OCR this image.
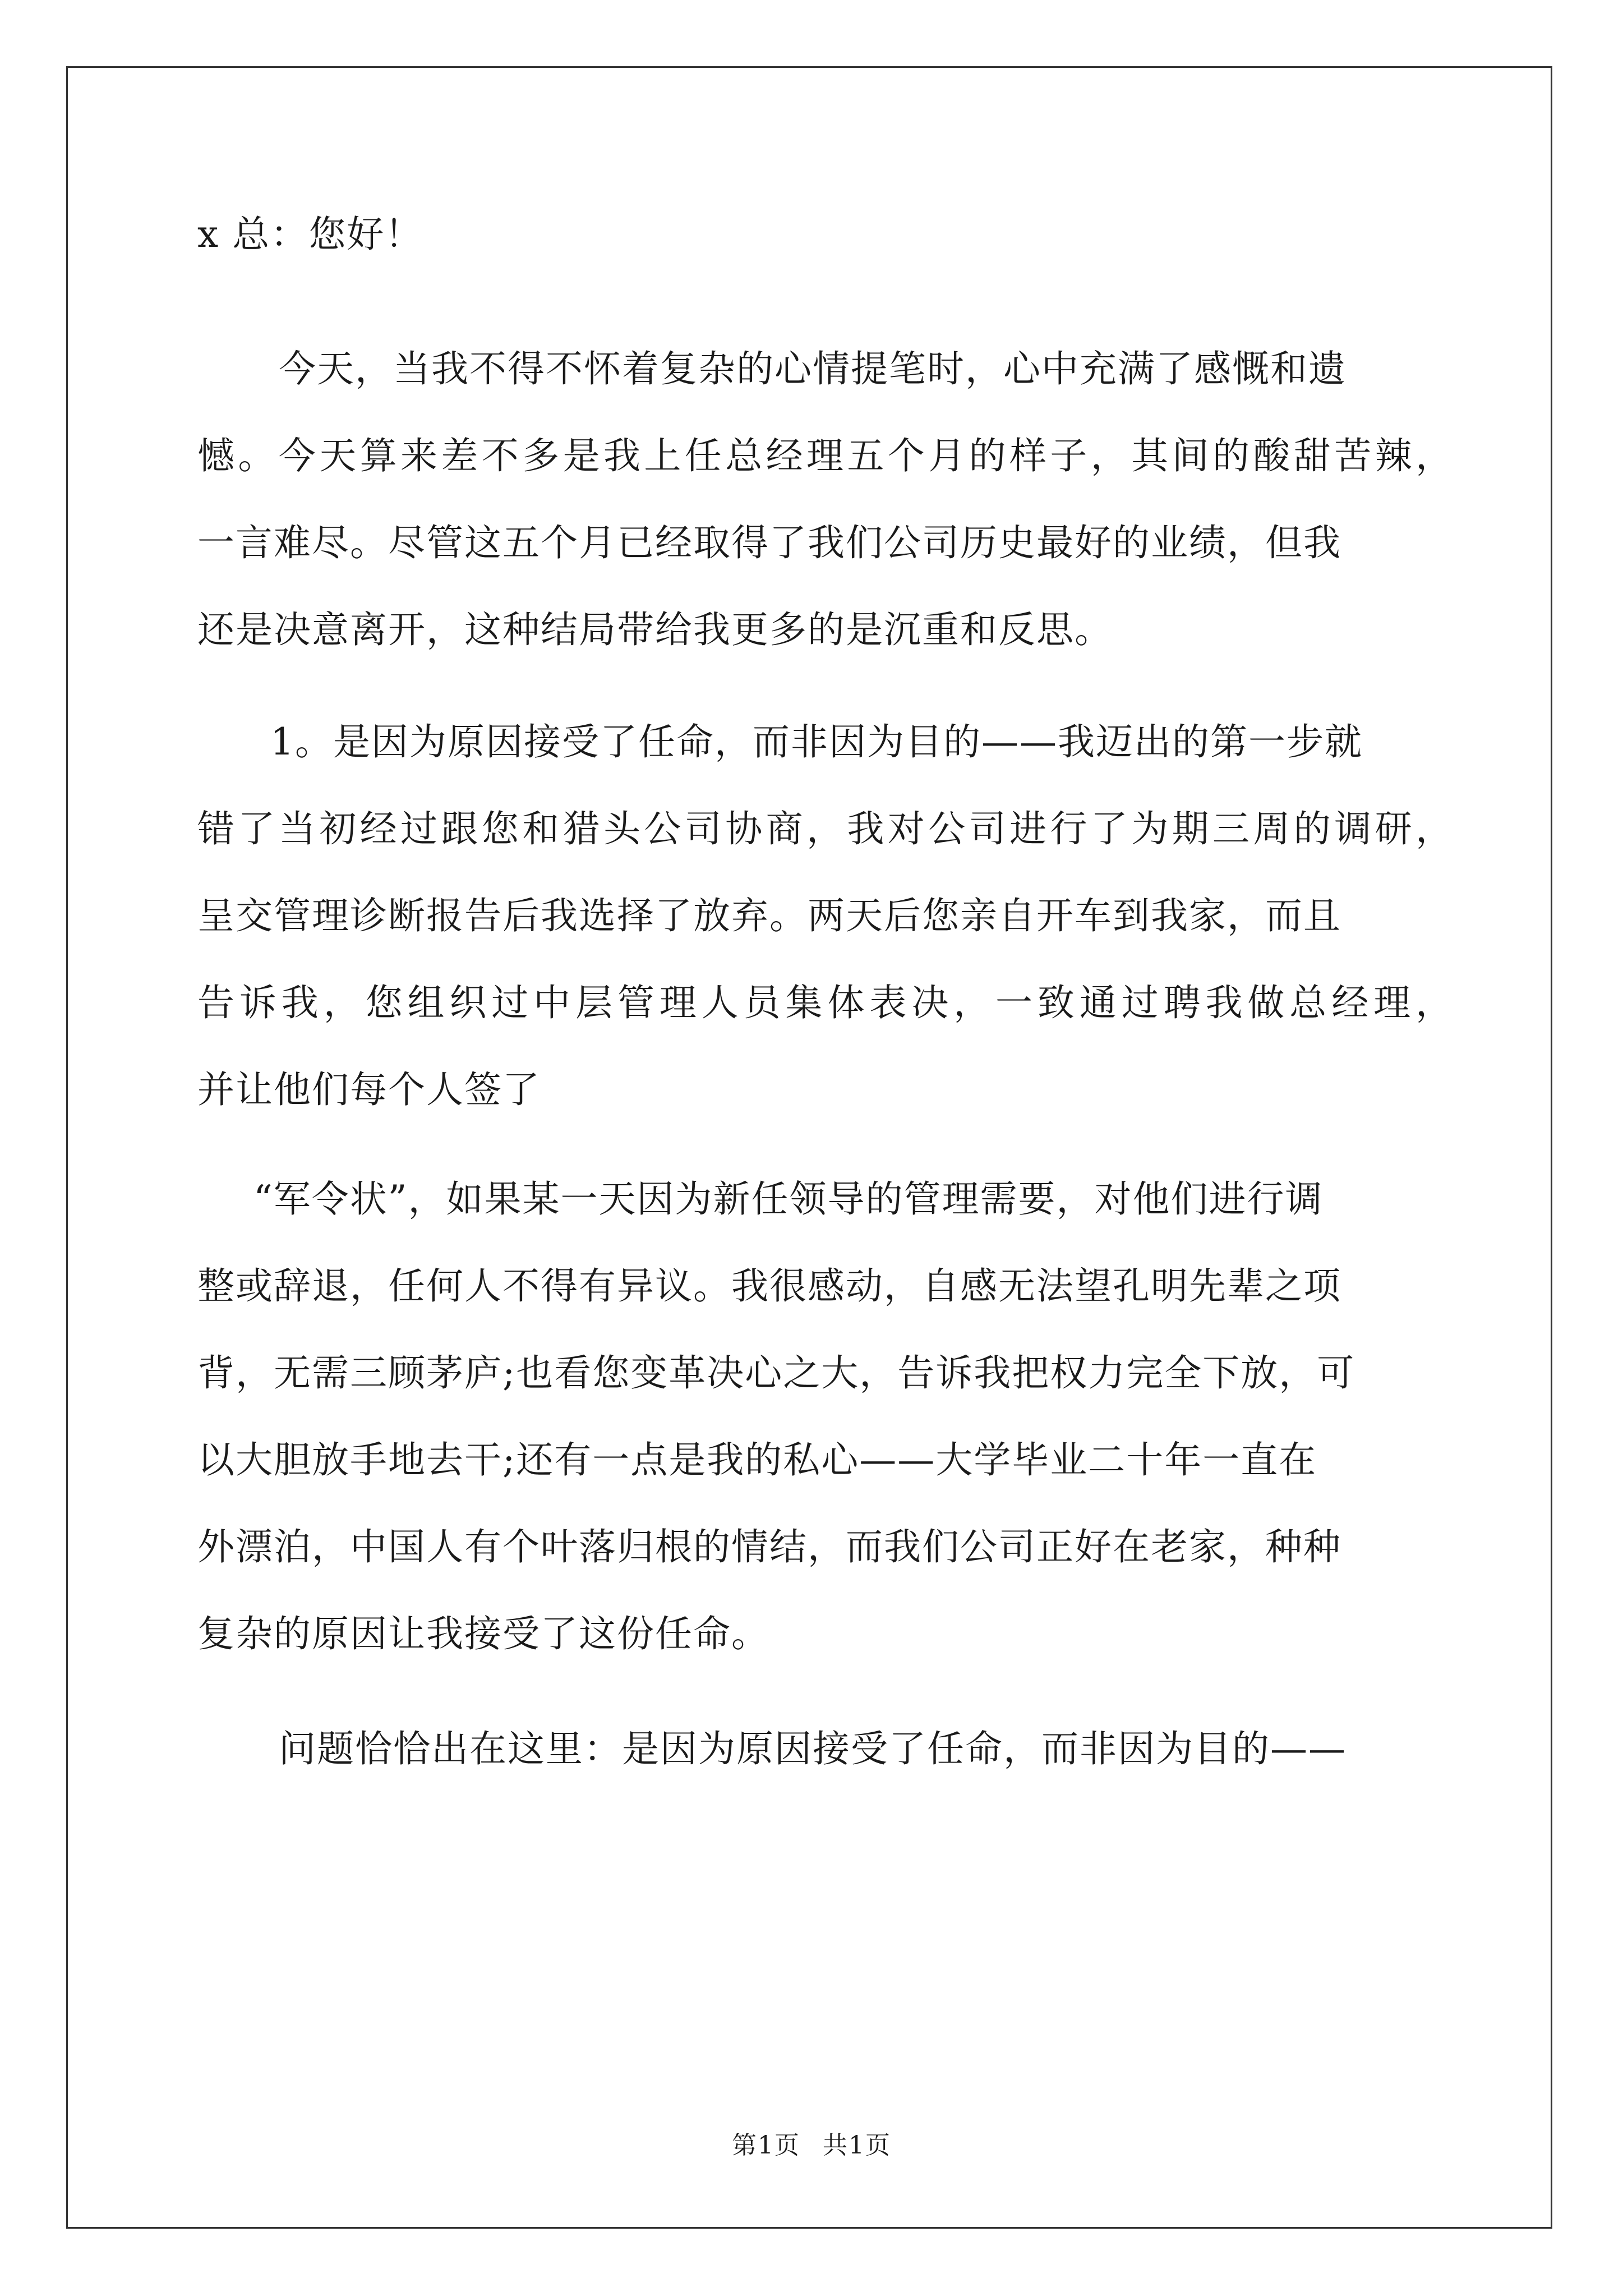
x 总：您好！
今天，当我不得不怀着复杂的心情提笔时，心中充满了感慨和遗
憾。今天算来差不多是我上任总经理五个月的样子，其间的酸甜苦辣，
一言难尽。尽管这五个月已经取得了我们公司历史最好的业绩，但我
还是决意离开，这种结局带给我更多的是沉重和反思。
1。是因为原因接受了任命，而非因为目的——我迈出的第一步就
错了当初经过跟您和猎头公司协商，我对公司进行了为期三周的调研，
呈交管理诊断报告后我选择了放弃。两天后您亲自开车到我家，而且
告诉我，您组织过中层管理人员集体表决，一致通过聘我做总经理，
并让他们每个人签了
“军令状”，如果某一天因为新任领导的管理需要，对他们进行调
整或辞退，任何人不得有异议。我很感动，自感无法望孔明先辈之项
背，无需三顾茅庐;也看您变革决心之大，告诉我把权力完全下放，可
以大胆放手地去干;还有一点是我的私心——大学毕业二十年一直在
外漂泊，中国人有个叶落归根的情结，而我们公司正好在老家，种种
复杂的原因让我接受了这份任命。
问题恰恰出在这里：是因为原因接受了任命，而非因为目的——
第1页 共1页
